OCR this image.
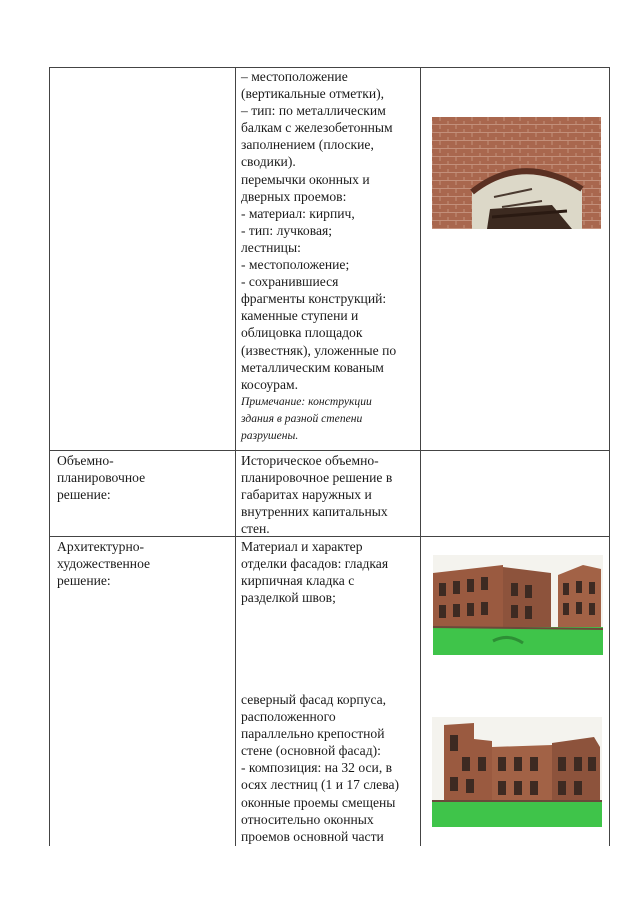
– местоположение
(вертикальные отметки),
– тип: по металлическим
балкам с железобетонным
заполнением (плоские,
сводики).
перемычки оконных и
дверных проемов:
- материал: кирпич,
- тип: лучковая;
лестницы:
- местоположение;
- сохранившиеся
фрагменты конструкций:
каменные ступени и
облицовка площадок
(известняк), уложенные по
металлическим кованым
косоурам.
Примечание: конструкции
здания в разной степени
разрушены.
Объемно-
планировочное
решение:
Историческое объемно-
планировочное решение в
габаритах наружных и
внутренних капитальных
стен.
Архитектурно-
художественное
решение:
Материал и характер
отделки фасадов: гладкая
кирпичная кладка с
разделкой швов;
северный фасад корпуса,
расположенного
параллельно крепостной
стене (основной фасад):
- композиция: на 32 оси, в
осях лестниц (1 и 17 слева)
оконные проемы смещены
относительно оконных
проемов основной части
